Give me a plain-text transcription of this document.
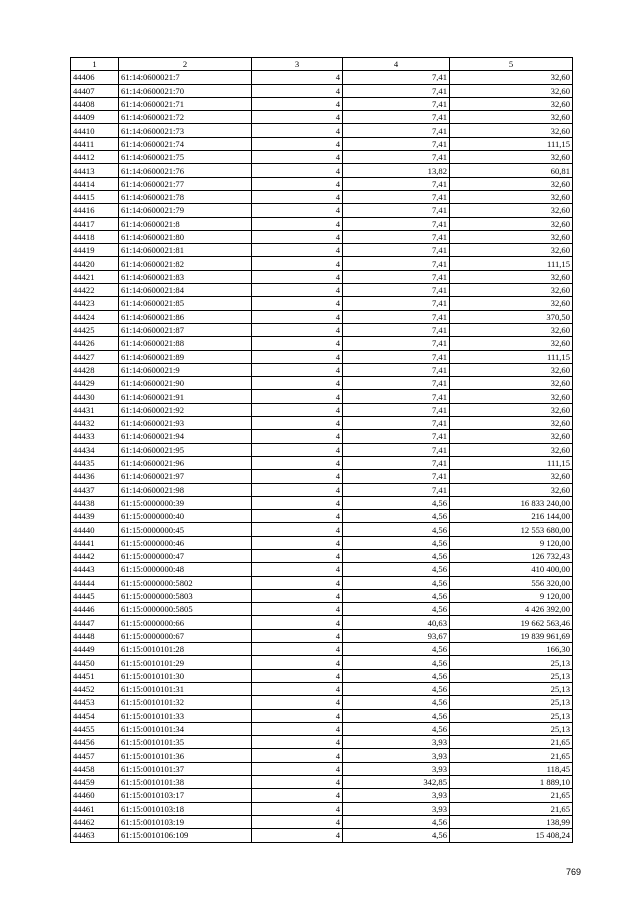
1	2	3	4	5
44406	61:14:0600021:7	4	7,41	32,60
44407	61:14:0600021:70	4	7,41	32,60
44408	61:14:0600021:71	4	7,41	32,60
44409	61:14:0600021:72	4	7,41	32,60
44410	61:14:0600021:73	4	7,41	32,60
44411	61:14:0600021:74	4	7,41	111,15
44412	61:14:0600021:75	4	7,41	32,60
44413	61:14:0600021:76	4	13,82	60,81
44414	61:14:0600021:77	4	7,41	32,60
44415	61:14:0600021:78	4	7,41	32,60
44416	61:14:0600021:79	4	7,41	32,60
44417	61:14:0600021:8	4	7,41	32,60
44418	61:14:0600021:80	4	7,41	32,60
44419	61:14:0600021:81	4	7,41	32,60
44420	61:14:0600021:82	4	7,41	111,15
44421	61:14:0600021:83	4	7,41	32,60
44422	61:14:0600021:84	4	7,41	32,60
44423	61:14:0600021:85	4	7,41	32,60
44424	61:14:0600021:86	4	7,41	370,50
44425	61:14:0600021:87	4	7,41	32,60
44426	61:14:0600021:88	4	7,41	32,60
44427	61:14:0600021:89	4	7,41	111,15
44428	61:14:0600021:9	4	7,41	32,60
44429	61:14:0600021:90	4	7,41	32,60
44430	61:14:0600021:91	4	7,41	32,60
44431	61:14:0600021:92	4	7,41	32,60
44432	61:14:0600021:93	4	7,41	32,60
44433	61:14:0600021:94	4	7,41	32,60
44434	61:14:0600021:95	4	7,41	32,60
44435	61:14:0600021:96	4	7,41	111,15
44436	61:14:0600021:97	4	7,41	32,60
44437	61:14:0600021:98	4	7,41	32,60
44438	61:15:0000000:39	4	4,56	16 833 240,00
44439	61:15:0000000:40	4	4,56	216 144,00
44440	61:15:0000000:45	4	4,56	12 553 680,00
44441	61:15:0000000:46	4	4,56	9 120,00
44442	61:15:0000000:47	4	4,56	126 732,43
44443	61:15:0000000:48	4	4,56	410 400,00
44444	61:15:0000000:5802	4	4,56	556 320,00
44445	61:15:0000000:5803	4	4,56	9 120,00
44446	61:15:0000000:5805	4	4,56	4 426 392,00
44447	61:15:0000000:66	4	40,63	19 662 563,46
44448	61:15:0000000:67	4	93,67	19 839 961,69
44449	61:15:0010101:28	4	4,56	166,30
44450	61:15:0010101:29	4	4,56	25,13
44451	61:15:0010101:30	4	4,56	25,13
44452	61:15:0010101:31	4	4,56	25,13
44453	61:15:0010101:32	4	4,56	25,13
44454	61:15:0010101:33	4	4,56	25,13
44455	61:15:0010101:34	4	4,56	25,13
44456	61:15:0010101:35	4	3,93	21,65
44457	61:15:0010101:36	4	3,93	21,65
44458	61:15:0010101:37	4	3,93	118,45
44459	61:15:0010101:38	4	342,85	1 889,10
44460	61:15:0010103:17	4	3,93	21,65
44461	61:15:0010103:18	4	3,93	21,65
44462	61:15:0010103:19	4	4,56	138,99
44463	61:15:0010106:109	4	4,56	15 408,24
769
